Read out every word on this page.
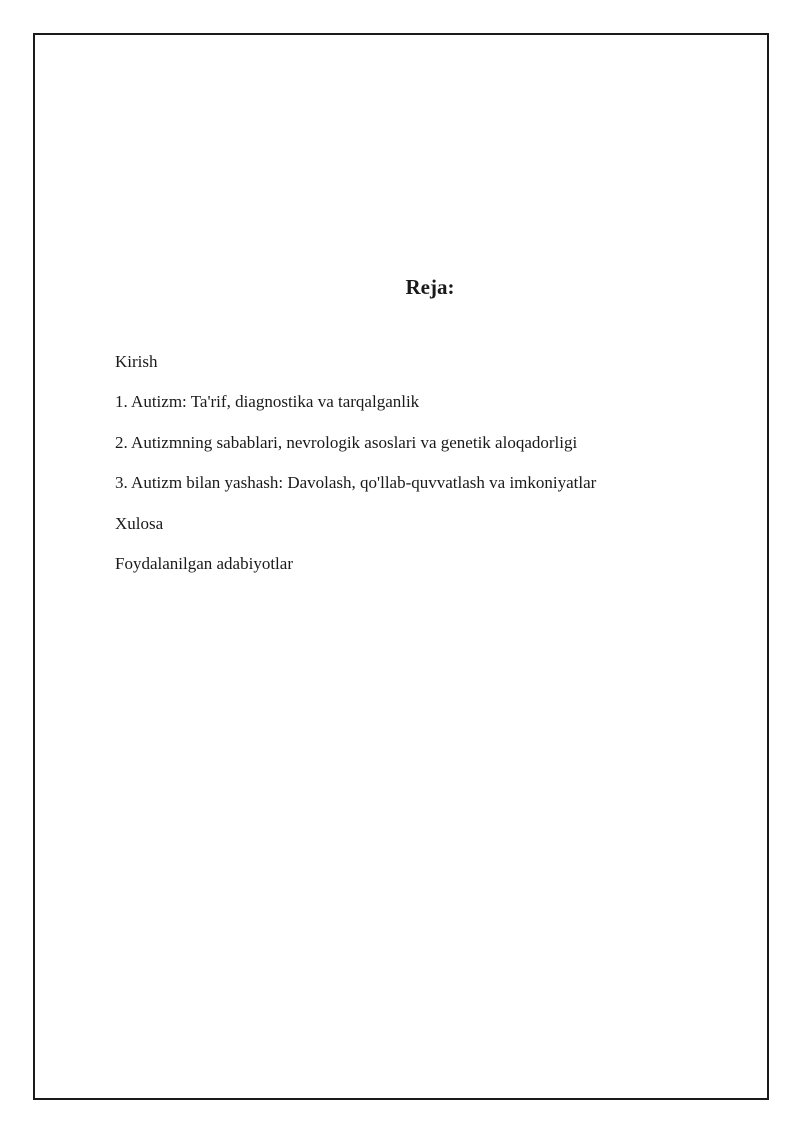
Reja:
Kirish
1. Autizm: Ta'rif, diagnostika va tarqalganlik
2. Autizmning sabablari, nevrologik asoslari va genetik aloqadorligi
3. Autizm bilan yashash: Davolash, qo'llab-quvvatlash va imkoniyatlar
Xulosa
Foydalanilgan adabiyotlar
